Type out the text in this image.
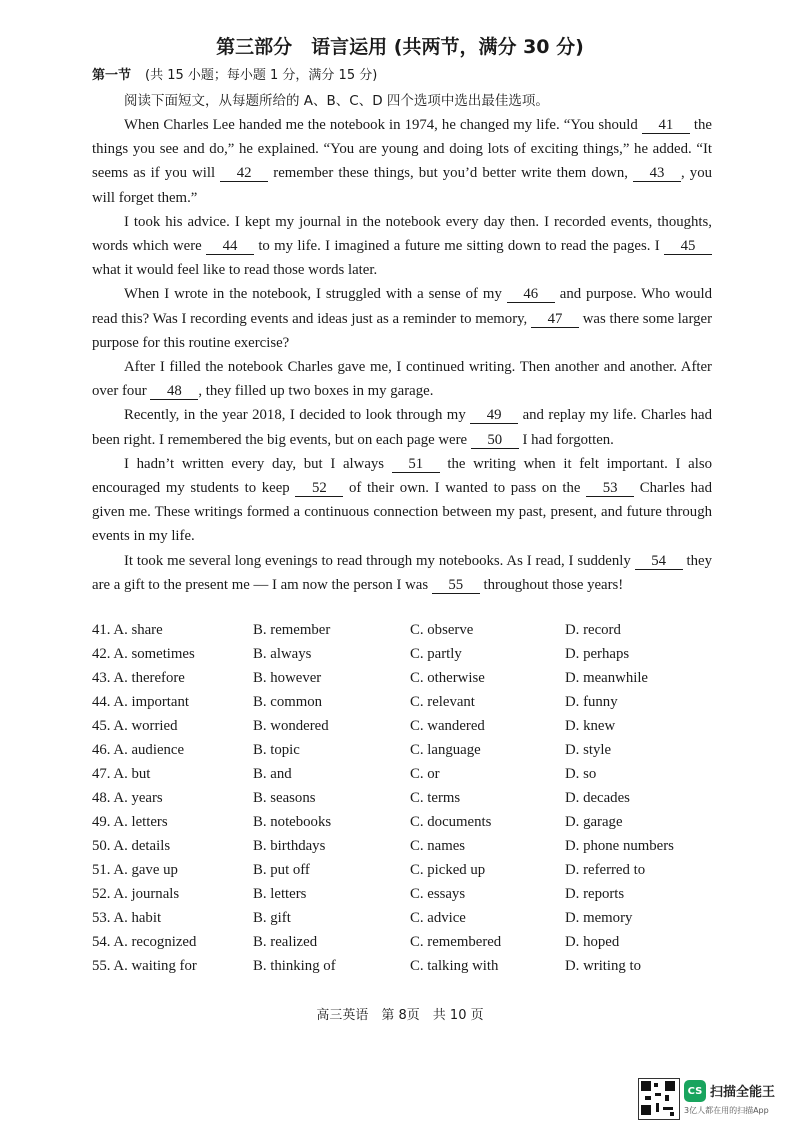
第三部分　语言运用 (共两节，满分 30 分)
第一节 (共 15 小题；每小题 1 分，满分 15 分)
阅读下面短文，从每题所给的 A、B、C、D 四个选项中选出最佳选项。

When Charles Lee handed me the notebook in 1974, he changed my life. “You should 41 the things you see and do,” he explained. “You are young and doing lots of exciting things,” he added. “It seems as if you will 42 remember these things, but you’d better write them down, 43 , you will forget them.”

I took his advice. I kept my journal in the notebook every day then. I recorded events, thoughts, words which were 44 to my life. I imagined a future me sitting down to read the pages. I 45 what it would feel like to read those words later.

When I wrote in the notebook, I struggled with a sense of my 46 and purpose. Who would read this? Was I recording events and ideas just as a reminder to memory, 47 was there some larger purpose for this routine exercise?

After I filled the notebook Charles gave me, I continued writing. Then another and another. After over four 48 , they filled up two boxes in my garage.

Recently, in the year 2018, I decided to look through my 49 and replay my life. Charles had been right. I remembered the big events, but on each page were 50 I had forgotten.

I hadn’t written every day, but I always 51 the writing when it felt important. I also encouraged my students to keep 52 of their own. I wanted to pass on the 53 Charles had given me. These writings formed a continuous connection between my past, present, and future through events in my life.

It took me several long evenings to read through my notebooks. As I read, I suddenly 54 they are a gift to the present me — I am now the person I was 55 throughout those years!

41. A. share	B. remember	C. observe	D. record
42. A. sometimes	B. always	C. partly	D. perhaps
43. A. therefore	B. however	C. otherwise	D. meanwhile
44. A. important	B. common	C. relevant	D. funny
45. A. worried	B. wondered	C. wandered	D. knew
46. A. audience	B. topic	C. language	D. style
47. A. but	B. and	C. or	D. so
48. A. years	B. seasons	C. terms	D. decades
49. A. letters	B. notebooks	C. documents	D. garage
50. A. details	B. birthdays	C. names	D. phone numbers
51. A. gave up	B. put off	C. picked up	D. referred to
52. A. journals	B. letters	C. essays	D. reports
53. A. habit	B. gift	C. advice	D. memory
54. A. recognized	B. realized	C. remembered	D. hoped
55. A. waiting for	B. thinking of	C. talking with	D. writing to
高三英语　第 8页　共 10 页
CS 扫描全能王
3亿人都在用的扫描App
